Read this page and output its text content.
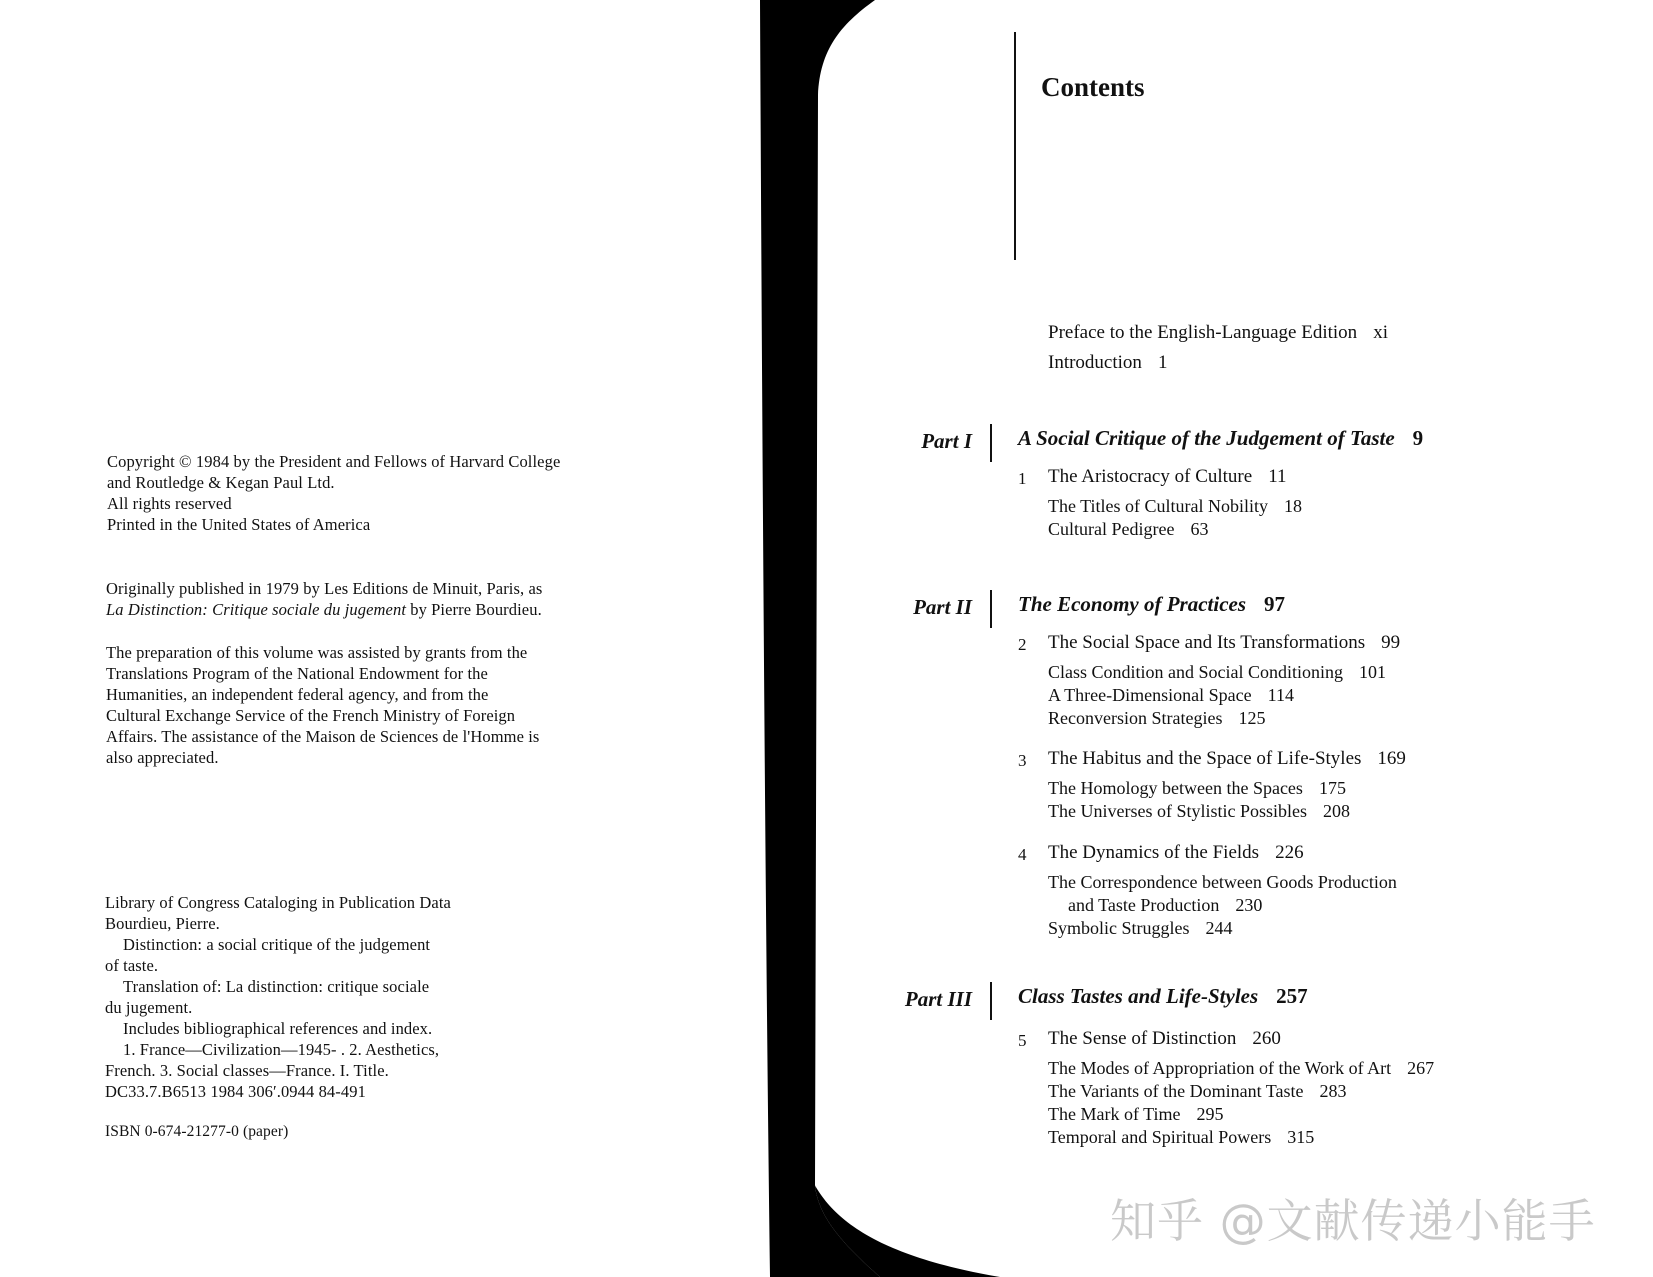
Copyright © 1984 by the President and Fellows of Harvard College
and Routledge & Kegan Paul Ltd.
All rights reserved
Printed in the United States of America
Originally published in 1979 by Les Editions de Minuit, Paris, as
La Distinction: Critique sociale du jugement by Pierre Bourdieu.
The preparation of this volume was assisted by grants from the
Translations Program of the National Endowment for the
Humanities, an independent federal agency, and from the
Cultural Exchange Service of the French Ministry of Foreign
Affairs. The assistance of the Maison de Sciences de l'Homme is
also appreciated.
Library of Congress Cataloging in Publication Data
Bourdieu, Pierre.
Distinction: a social critique of the judgement
of taste.
Translation of: La distinction: critique sociale
du jugement.
Includes bibliographical references and index.
1. France—Civilization—1945- . 2. Aesthetics,
French. 3. Social classes—France. I. Title.
DC33.7.B6513 1984 306′.0944 84-491
ISBN 0-674-21277-0 (paper)
Contents
Preface to the English-Language Edition xi
Introduction 1
Part I A Social Critique of the Judgement of Taste 9
1 The Aristocracy of Culture 11
The Titles of Cultural Nobility 18
Cultural Pedigree 63
Part II The Economy of Practices 97
2 The Social Space and Its Transformations 99
Class Condition and Social Conditioning 101
A Three-Dimensional Space 114
Reconversion Strategies 125
3 The Habitus and the Space of Life-Styles 169
The Homology between the Spaces 175
The Universes of Stylistic Possibles 208
4 The Dynamics of the Fields 226
The Correspondence between Goods Production
and Taste Production 230
Symbolic Struggles 244
Part III Class Tastes and Life-Styles 257
5 The Sense of Distinction 260
The Modes of Appropriation of the Work of Art 267
The Variants of the Dominant Taste 283
The Mark of Time 295
Temporal and Spiritual Powers 315
知乎 @文献传递小能手
